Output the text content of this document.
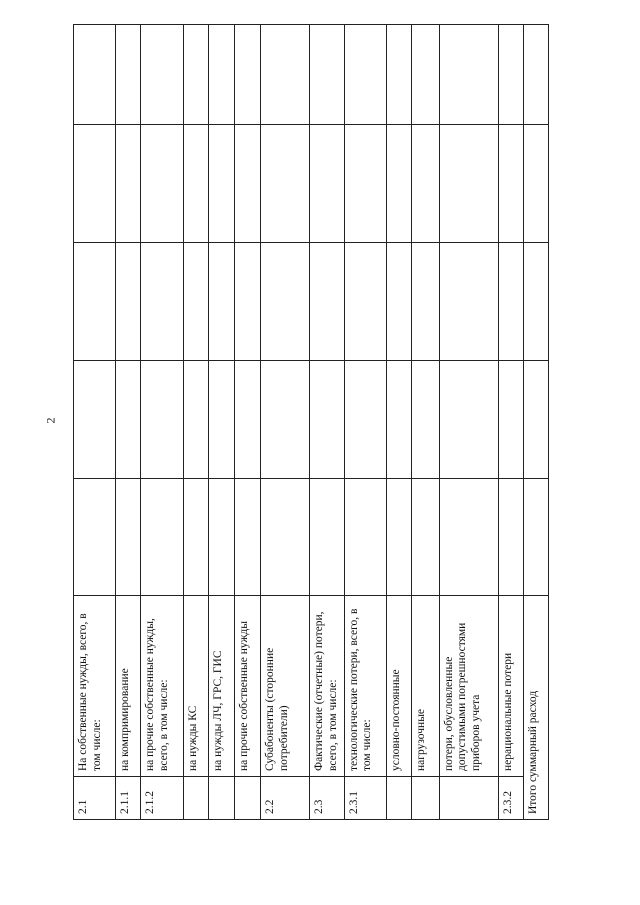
2
2.1	На собственные нужды, всего, в том числе:					
2.1.1	на компримирование					
2.1.2	на прочие собственные нужды, всего, в том числе:					
	на нужды КС					
	на нужды ЛЧ, ГРС, ГИС					
	на прочие собственные нужды					
2.2	Субабоненты (сторонние потребители)					
2.3	Фактические (отчетные) потери, всего, в том числе:					
2.3.1	технологические потери, всего, в том числе:					
	условно-постоянные					
	нагрузочные					
	потери, обусловленные допустимыми погрешностями приборов учета					
2.3.2	нерациональные потери					
Итого суммарный расход						
